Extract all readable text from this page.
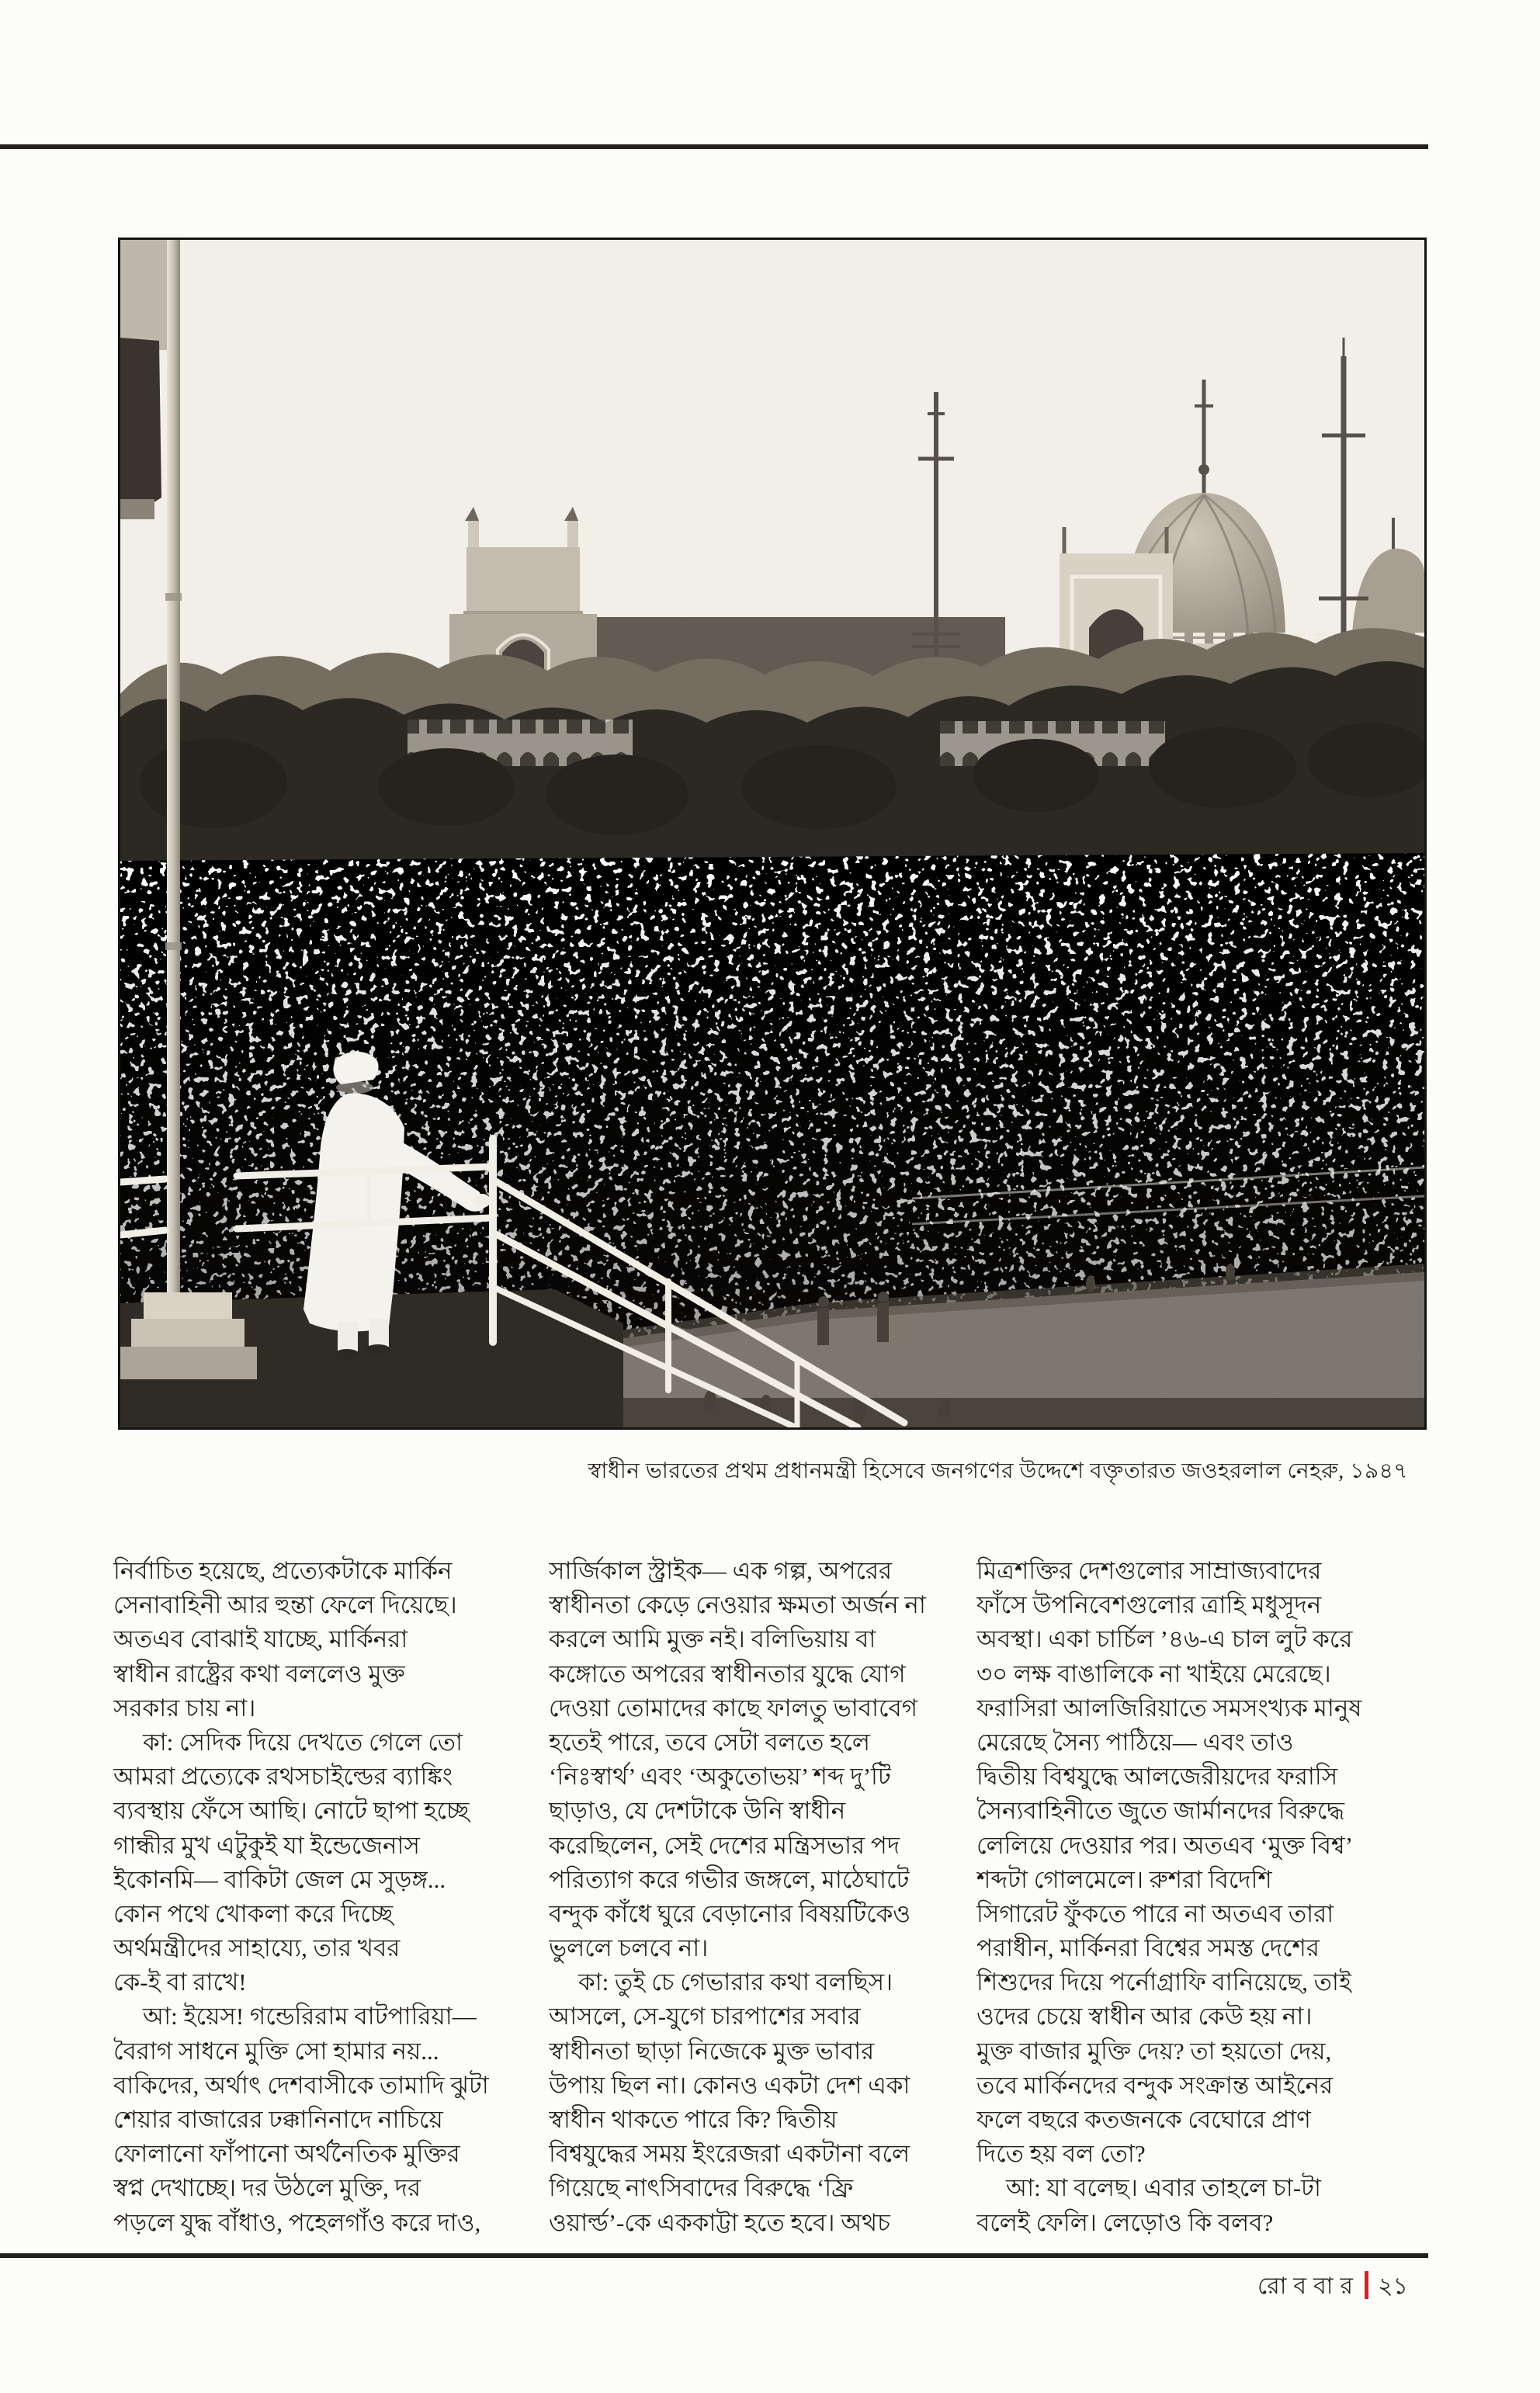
স্বাধীন ভারতের প্রথম প্রধানমন্ত্রী হিসেবে জনগণের উদ্দেশে বক্তৃতারত জওহরলাল নেহরু, ১৯৪৭
নির্বাচিত হয়েছে, প্রত্যেকটাকে মার্কিন
সেনাবাহিনী আর হুন্তা ফেলে দিয়েছে।
অতএব বোঝাই যাচ্ছে, মার্কিনরা
স্বাধীন রাষ্ট্রের কথা বললেও মুক্ত
সরকার চায় না।
কা: সেদিক দিয়ে দেখতে গেলে তো
আমরা প্রত্যেকে রথসচাইল্ডের ব্যাঙ্কিং
ব্যবস্থায় ফেঁসে আছি। নোটে ছাপা হচ্ছে
গান্ধীর মুখ এটুকুই যা ইন্ডেজেনাস
ইকোনমি— বাকিটা জেল মে সুড়ঙ্গ...
কোন পথে খোকলা করে দিচ্ছে
অর্থমন্ত্রীদের সাহায্যে, তার খবর
কে-ই বা রাখে!
আ: ইয়েস! গন্ডেরিরাম বাটপারিয়া—
বৈরাগ সাধনে মুক্তি সো হামার নয়...
বাকিদের, অর্থাৎ দেশবাসীকে তামাদি ঝুটা
শেয়ার বাজারের ঢক্কানিনাদে নাচিয়ে
ফোলানো ফাঁপানো অর্থনৈতিক মুক্তির
স্বপ্ন দেখাচ্ছে। দর উঠলে মুক্তি, দর
পড়লে যুদ্ধ বাঁধাও, পহেলগাঁও করে দাও,
সার্জিকাল স্ট্রাইক— এক গল্প, অপরের
স্বাধীনতা কেড়ে নেওয়ার ক্ষমতা অর্জন না
করলে আমি মুক্ত নই। বলিভিয়ায় বা
কঙ্গোতে অপরের স্বাধীনতার যুদ্ধে যোগ
দেওয়া তোমাদের কাছে ফালতু ভাবাবেগ
হতেই পারে, তবে সেটা বলতে হলে
‘নিঃস্বার্থ’ এবং ‘অকুতোভয়’ শব্দ দু’টি
ছাড়াও, যে দেশটাকে উনি স্বাধীন
করেছিলেন, সেই দেশের মন্ত্রিসভার পদ
পরিত্যাগ করে গভীর জঙ্গলে, মাঠেঘাটে
বন্দুক কাঁধে ঘুরে বেড়ানোর বিষয়টিকেও
ভুললে চলবে না।
কা: তুই চে গেভারার কথা বলছিস।
আসলে, সে-যুগে চারপাশের সবার
স্বাধীনতা ছাড়া নিজেকে মুক্ত ভাবার
উপায় ছিল না। কোনও একটা দেশ একা
স্বাধীন থাকতে পারে কি? দ্বিতীয়
বিশ্বযুদ্ধের সময় ইংরেজরা একটানা বলে
গিয়েছে নাৎসিবাদের বিরুদ্ধে ‘ফ্রি
ওয়ার্ল্ড’-কে এককাট্টা হতে হবে। অথচ
মিত্রশক্তির দেশগুলোর সাম্রাজ্যবাদের
ফাঁসে উপনিবেশগুলোর ত্রাহি মধুসূদন
অবস্থা। একা চার্চিল ’৪৬-এ চাল লুট করে
৩০ লক্ষ বাঙালিকে না খাইয়ে মেরেছে।
ফরাসিরা আলজিরিয়াতে সমসংখ্যক মানুষ
মেরেছে সৈন্য পাঠিয়ে— এবং তাও
দ্বিতীয় বিশ্বযুদ্ধে আলজেরীয়দের ফরাসি
সৈন্যবাহিনীতে জুতে জার্মানদের বিরুদ্ধে
লেলিয়ে দেওয়ার পর। অতএব ‘মুক্ত বিশ্ব’
শব্দটা গোলমেলে। রুশরা বিদেশি
সিগারেট ফুঁকতে পারে না অতএব তারা
পরাধীন, মার্কিনরা বিশ্বের সমস্ত দেশের
শিশুদের দিয়ে পর্নোগ্রাফি বানিয়েছে, তাই
ওদের চেয়ে স্বাধীন আর কেউ হয় না।
মুক্ত বাজার মুক্তি দেয়? তা হয়তো দেয়,
তবে মার্কিনদের বন্দুক সংক্রান্ত আইনের
ফলে বছরে কতজনকে বেঘোরে প্রাণ
দিতে হয় বল তো?
আ: যা বলেছ। এবার তাহলে চা-টা
বলেই ফেলি। লেড়োও কি বলব?
রোববার ২১
